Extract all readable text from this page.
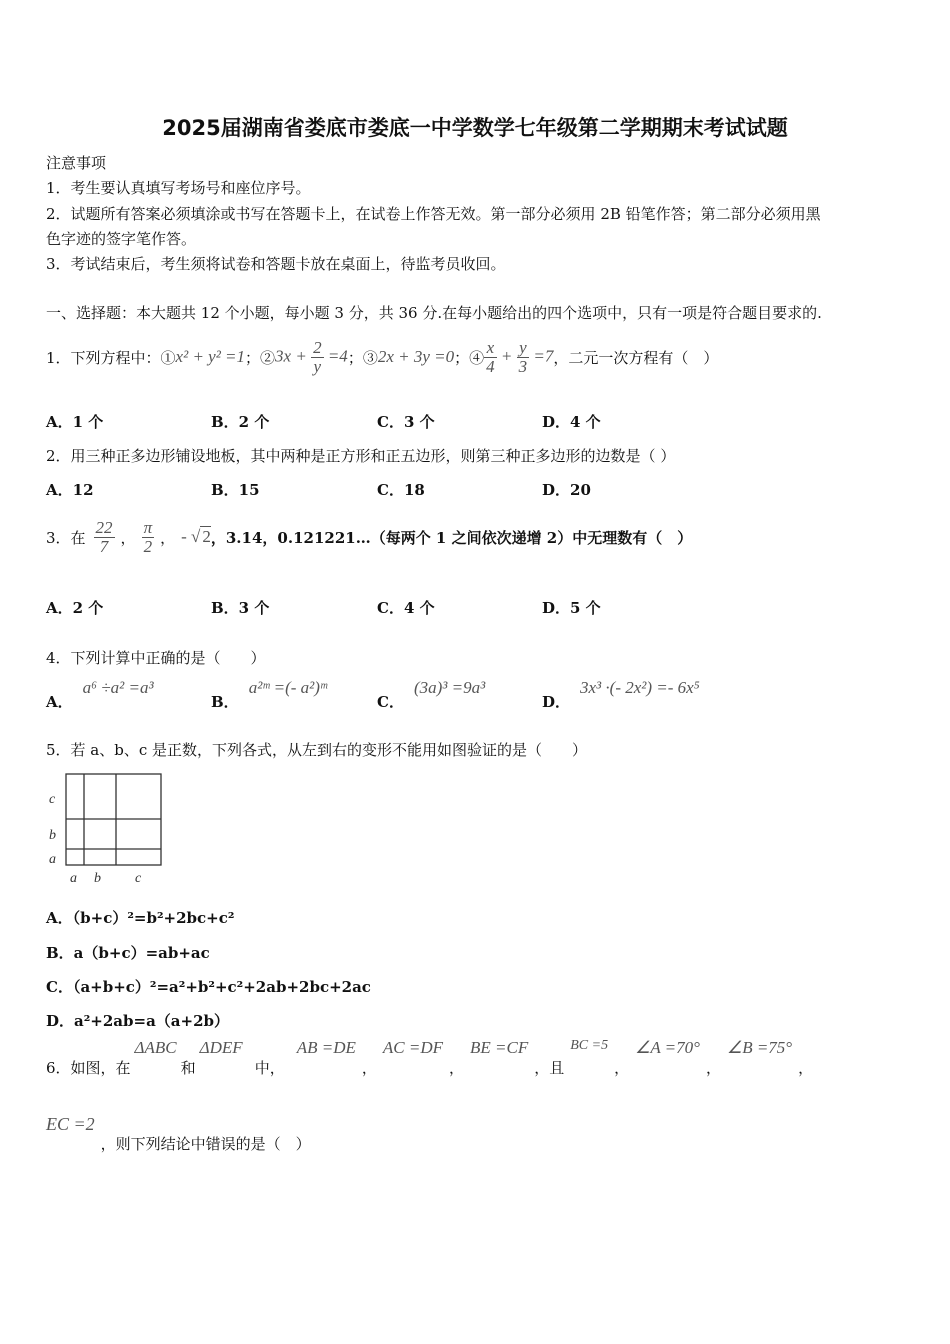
2025届湖南省娄底市娄底一中学数学七年级第二学期期末考试试题
注意事项
1．考生要认真填写考场号和座位序号。
2．试题所有答案必须填涂或书写在答题卡上，在试卷上作答无效。第一部分必须用 2B 铅笔作答；第二部分必须用黑
色字迹的签字笔作答。
3．考试结束后，考生须将试卷和答题卡放在桌面上，待监考员收回。
一、选择题：本大题共 12 个小题，每小题 3 分，共 36 分.在每小题给出的四个选项中，只有一项是符合题目要求的.
1．下列方程中：① x² + y² =1 ；② $3x + \frac{2}{y} =4$ ；③ 2x + 3y =0 ；④ $\frac{x}{4} + \frac{y}{3} =7$ ，二元一次方程有（　）
A．1 个	B．2 个	C．3 个	D．4 个
2．用三种正多边形铺设地板，其中两种是正方形和正五边形，则第三种正多边形的边数是（ ）
A．12	B．15	C．18	D．20
3．在 $\frac{22}{7}$ ， $\frac{\pi}{2}$ ， - √ 2 ，3.14，0.121221…（每两个 1 之间依次递增 2）中无理数有（　）
A．2 个	B．3 个	C．4 个	D．5 个
4．下列计算中正确的是（　　）
A．
a⁶ ÷a² =a³
B．
a²ᵐ =(- a²)ᵐ
C．
(3a)³ =9a³
D．
3x³ ·(- 2x²) =- 6x⁵
5．若 a、b、c 是正数，下列各式，从左到右的变形不能用如图验证的是（　　）
c
b
a
a b c
A．（b+c）²=b²+2bc+c²
B．a（b+c）=ab+ac
C．（a+b+c）²=a²+b²+c²+2ab+2bc+2ac
D．a²+2ab=a（a+2b）
6．如图，在
ΔABC
和
ΔDEF
中，
AB =DE
，
AC =DF
，
BE =CF
，且
BC =5
，
∠A =70°
，
∠B =75°
，
EC =2
，则下列结论中错误的是（　）
